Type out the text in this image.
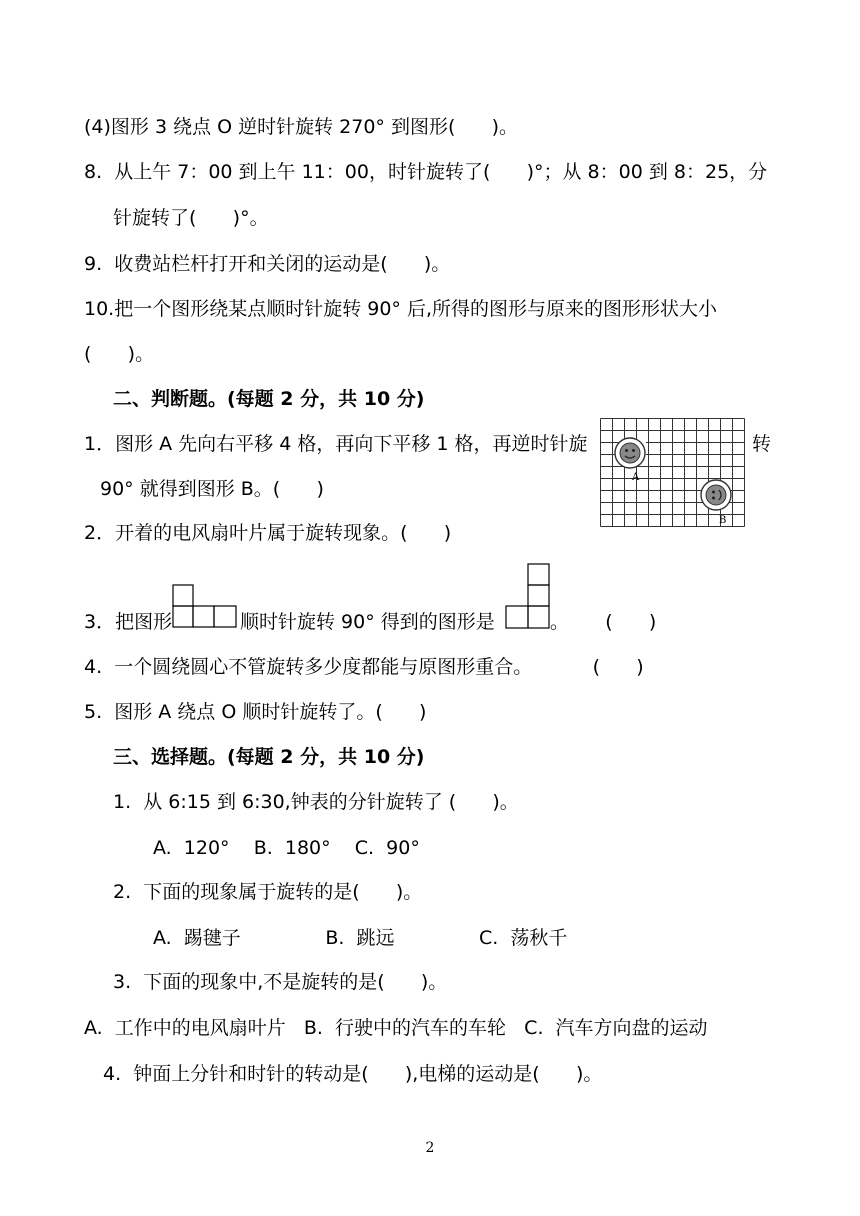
(4)图形 3 绕点 O 逆时针旋转 270° 到图形(      )。
8.  从上午 7：00 到上午 11：00，时针旋转了(      )°；从 8：00 到 8：25，分
针旋转了(      )°。
9.  收费站栏杆打开和关闭的运动是(      )。
10.把一个图形绕某点顺时针旋转 90° 后,所得的图形与原来的图形形状大小
(      )。
二、判断题。(每题 2 分，共 10 分)
1．图形 A 先向右平移 4 格，再向下平移 1 格，再逆时针旋	转
90° 就得到图形 B。(      )
A
B
2．开着的电风扇叶片属于旋转现象。(      )
3．把图形	顺时针旋转 90° 得到的图形是	。      (      )
4.  一个圆绕圆心不管旋转多少度都能与原图形重合。          (      )
5.  图形 A 绕点 O 顺时针旋转了。(      )
三、选择题。(每题 2 分，共 10 分)
1.  从 6:15 到 6:30,钟表的分针旋转了 (      )。
A.  120°    B.  180°    C.  90°
2.  下面的现象属于旋转的是(      )。
A.  踢毽子              B.  跳远              C.  荡秋千
3.  下面的现象中,不是旋转的是(      )。
A.  工作中的电风扇叶片   B.  行驶中的汽车的车轮   C.  汽车方向盘的运动
4.  钟面上分针和时针的转动是(      ),电梯的运动是(      )。
2
